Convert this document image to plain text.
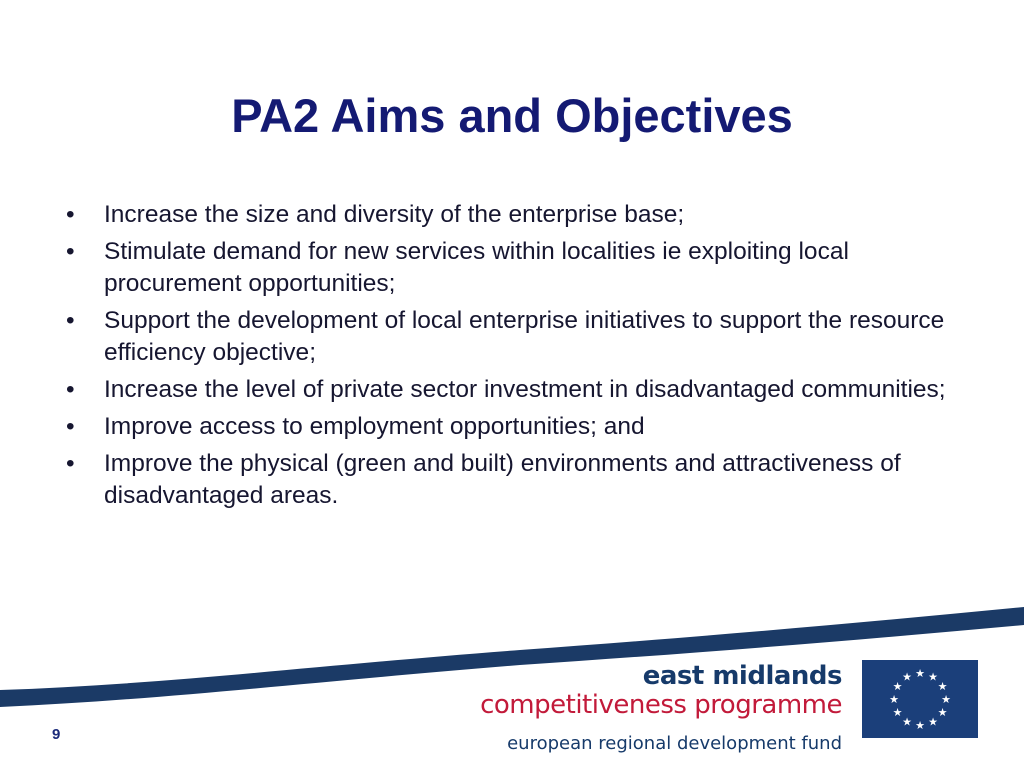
PA2 Aims and Objectives
• Increase the size and diversity of the enterprise base;
• Stimulate demand for new services within localities ie exploiting local procurement opportunities;
• Support the development of local enterprise initiatives to support the resource efficiency objective;
• Increase the level of private sector investment in disadvantaged communities;
• Improve access to employment opportunities; and
• Improve the physical (green and built) environments and attractiveness of disadvantaged areas.
east midlands
competitiveness programme
european regional development fund
★ ★
★
★
★
★
★
★
★
★
★
★
9
